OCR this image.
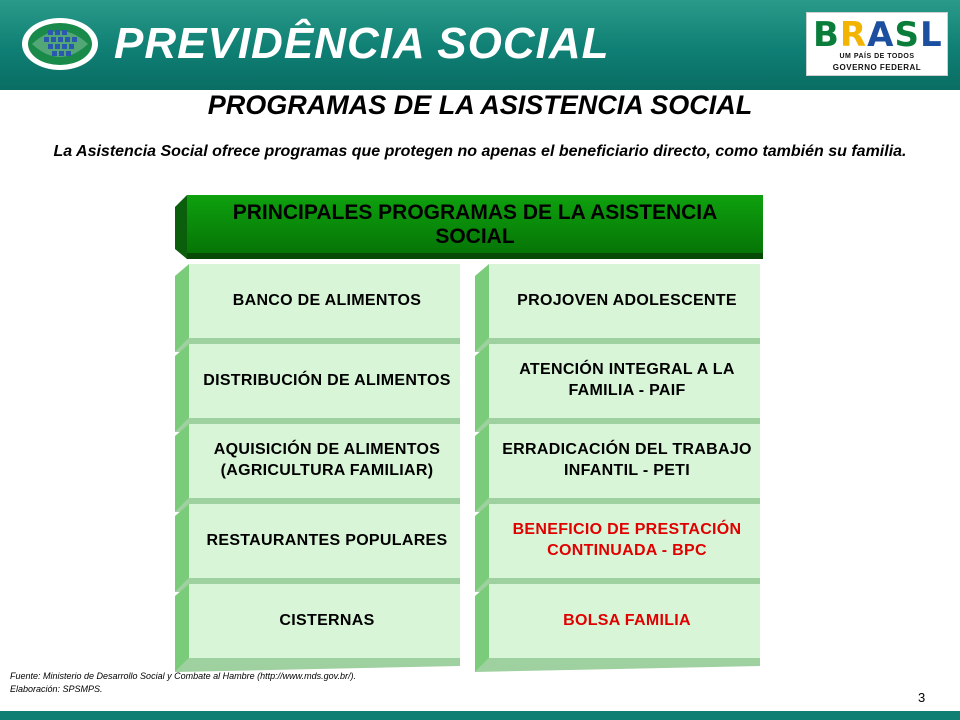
PREVIDÊNCIA SOCIAL	BRASL
UM PAÍS DE TODOS
GOVERNO FEDERAL
PROGRAMAS DE LA ASISTENCIA SOCIAL
La Asistencia Social ofrece programas que protegen no apenas el beneficiario directo, como también su familia.
PRINCIPALES PROGRAMAS DE LA ASISTENCIA SOCIAL
BANCO DE ALIMENTOS
DISTRIBUCIÓN DE ALIMENTOS
AQUISICIÓN DE ALIMENTOS (AGRICULTURA FAMILIAR)
RESTAURANTES POPULARES
CISTERNAS
PROJOVEN ADOLESCENTE
ATENCIÓN INTEGRAL A LA FAMILIA - PAIF
ERRADICACIÓN DEL TRABAJO INFANTIL - PETI
BENEFICIO DE PRESTACIÓN CONTINUADA - BPC
BOLSA FAMILIA
Fuente: Ministerio de Desarrollo Social y Combate al Hambre (http://www.mds.gov.br/).
Elaboración: SPSMPS.
3
